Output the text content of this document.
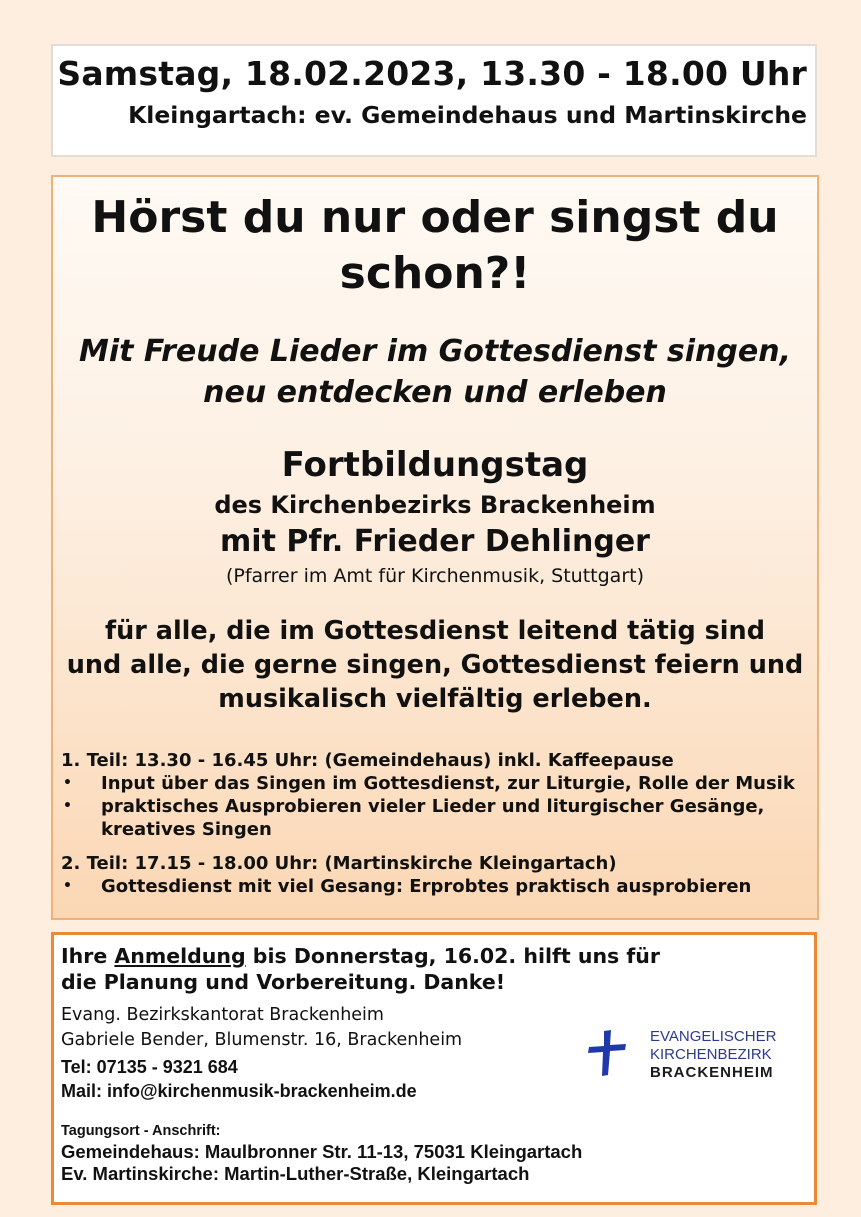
Samstag, 18.02.2023, 13.30 - 18.00 Uhr
Kleingartach: ev. Gemeindehaus und Martinskirche
Hörst du nur oder singst du
schon?!
Mit Freude Lieder im Gottesdienst singen,
neu entdecken und erleben
Fortbildungstag
des Kirchenbezirks Brackenheim
mit Pfr. Frieder Dehlinger
(Pfarrer im Amt für Kirchenmusik, Stuttgart)
für alle, die im Gottesdienst leitend tätig sind
und alle, die gerne singen, Gottesdienst feiern und
musikalisch vielfältig erleben.
1. Teil: 13.30 - 16.45 Uhr: (Gemeindehaus) inkl. Kaffeepause
• Input über das Singen im Gottesdienst, zur Liturgie, Rolle der Musik
• praktisches Ausprobieren vieler Lieder und liturgischer Gesänge,
kreatives Singen
2. Teil: 17.15 - 18.00 Uhr: (Martinskirche Kleingartach)
• Gottesdienst mit viel Gesang: Erprobtes praktisch ausprobieren
Ihre Anmeldung bis Donnerstag, 16.02. hilft uns für
die Planung und Vorbereitung. Danke!
Evang. Bezirkskantorat Brackenheim
Gabriele Bender, Blumenstr. 16, Brackenheim
Tel: 07135 - 9321 684
Mail: info@kirchenmusik-brackenheim.de
Tagungsort - Anschrift:
Gemeindehaus: Maulbronner Str. 11-13, 75031 Kleingartach
Ev. Martinskirche: Martin-Luther-Straße, Kleingartach
EVANGELISCHER
KIRCHENBEZIRK
BRACKENHEIM
